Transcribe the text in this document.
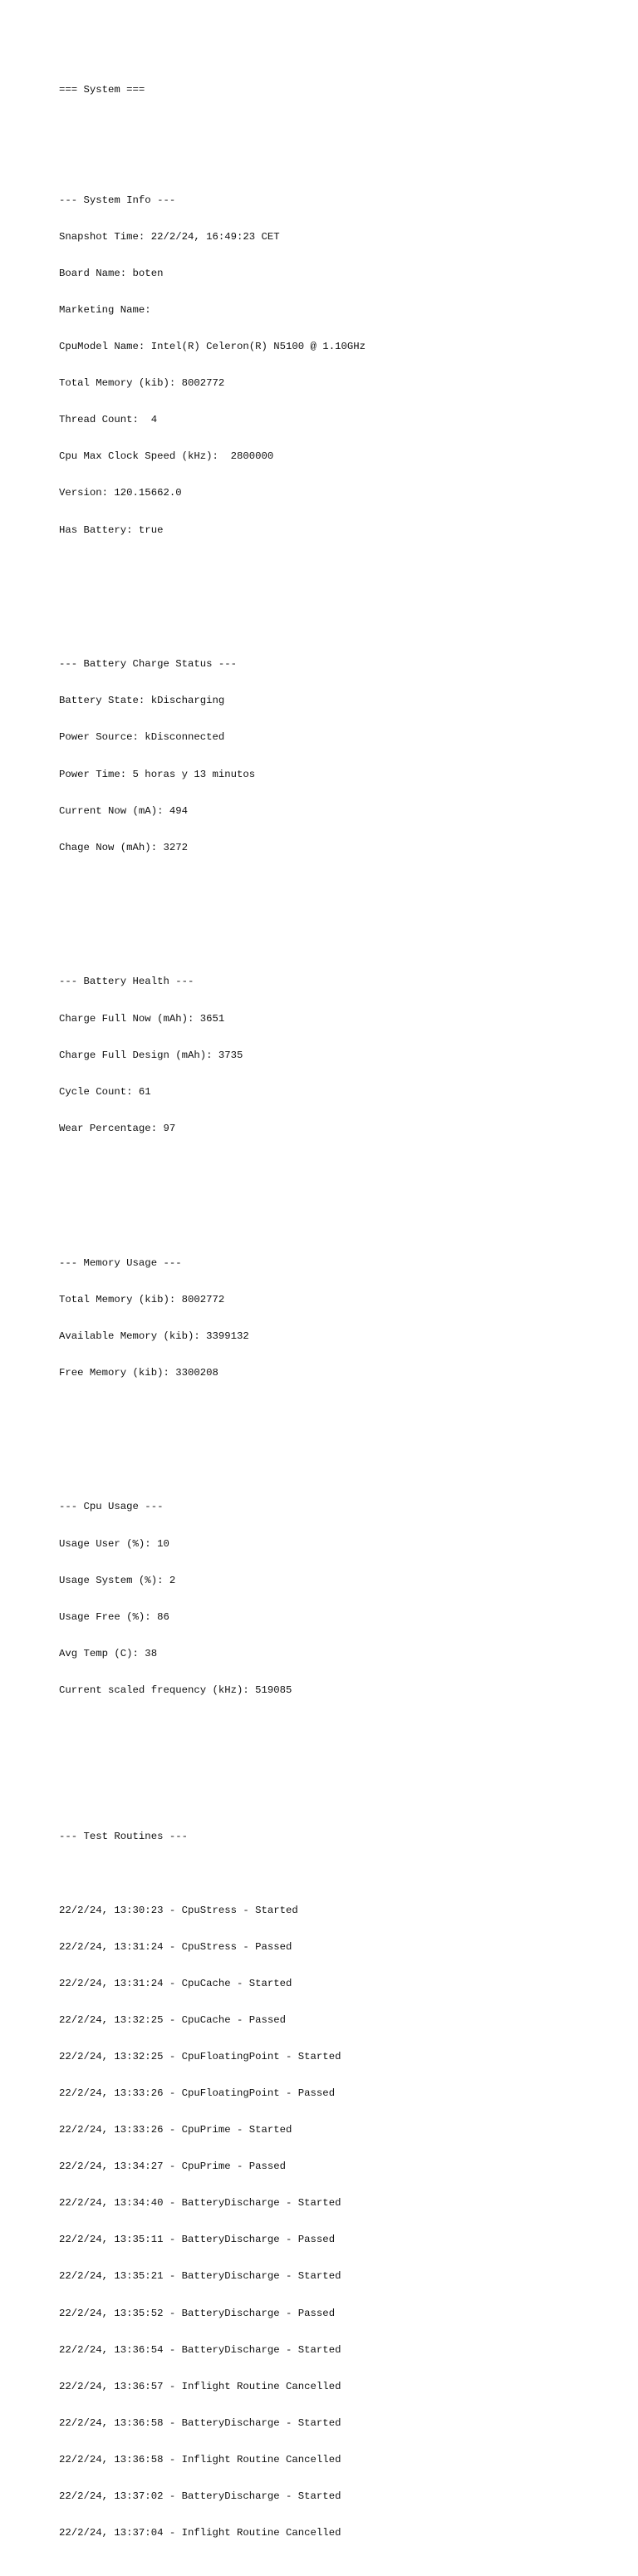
=== System ===

--- System Info ---

Snapshot Time: 22/2/24, 16:49:23 CET

Board Name: boten

Marketing Name:

CpuModel Name: Intel(R) Celeron(R) N5100 @ 1.10GHz

Total Memory (kib): 8002772

Thread Count:  4

Cpu Max Clock Speed (kHz):  2800000

Version: 120.15662.0

Has Battery: true

--- Battery Charge Status ---

Battery State: kDischarging

Power Source: kDisconnected

Power Time: 5 horas y 13 minutos

Current Now (mA): 494

Chage Now (mAh): 3272

--- Battery Health ---

Charge Full Now (mAh): 3651

Charge Full Design (mAh): 3735

Cycle Count: 61

Wear Percentage: 97

--- Memory Usage ---

Total Memory (kib): 8002772

Available Memory (kib): 3399132

Free Memory (kib): 3300208

--- Cpu Usage ---

Usage User (%): 10

Usage System (%): 2

Usage Free (%): 86

Avg Temp (C): 38

Current scaled frequency (kHz): 519085

--- Test Routines ---

22/2/24, 13:30:23 - CpuStress - Started

22/2/24, 13:31:24 - CpuStress - Passed

22/2/24, 13:31:24 - CpuCache - Started

22/2/24, 13:32:25 - CpuCache - Passed

22/2/24, 13:32:25 - CpuFloatingPoint - Started

22/2/24, 13:33:26 - CpuFloatingPoint - Passed

22/2/24, 13:33:26 - CpuPrime - Started

22/2/24, 13:34:27 - CpuPrime - Passed

22/2/24, 13:34:40 - BatteryDischarge - Started

22/2/24, 13:35:11 - BatteryDischarge - Passed

22/2/24, 13:35:21 - BatteryDischarge - Started

22/2/24, 13:35:52 - BatteryDischarge - Passed

22/2/24, 13:36:54 - BatteryDischarge - Started

22/2/24, 13:36:57 - Inflight Routine Cancelled

22/2/24, 13:36:58 - BatteryDischarge - Started

22/2/24, 13:36:58 - Inflight Routine Cancelled

22/2/24, 13:37:02 - BatteryDischarge - Started

22/2/24, 13:37:04 - Inflight Routine Cancelled
